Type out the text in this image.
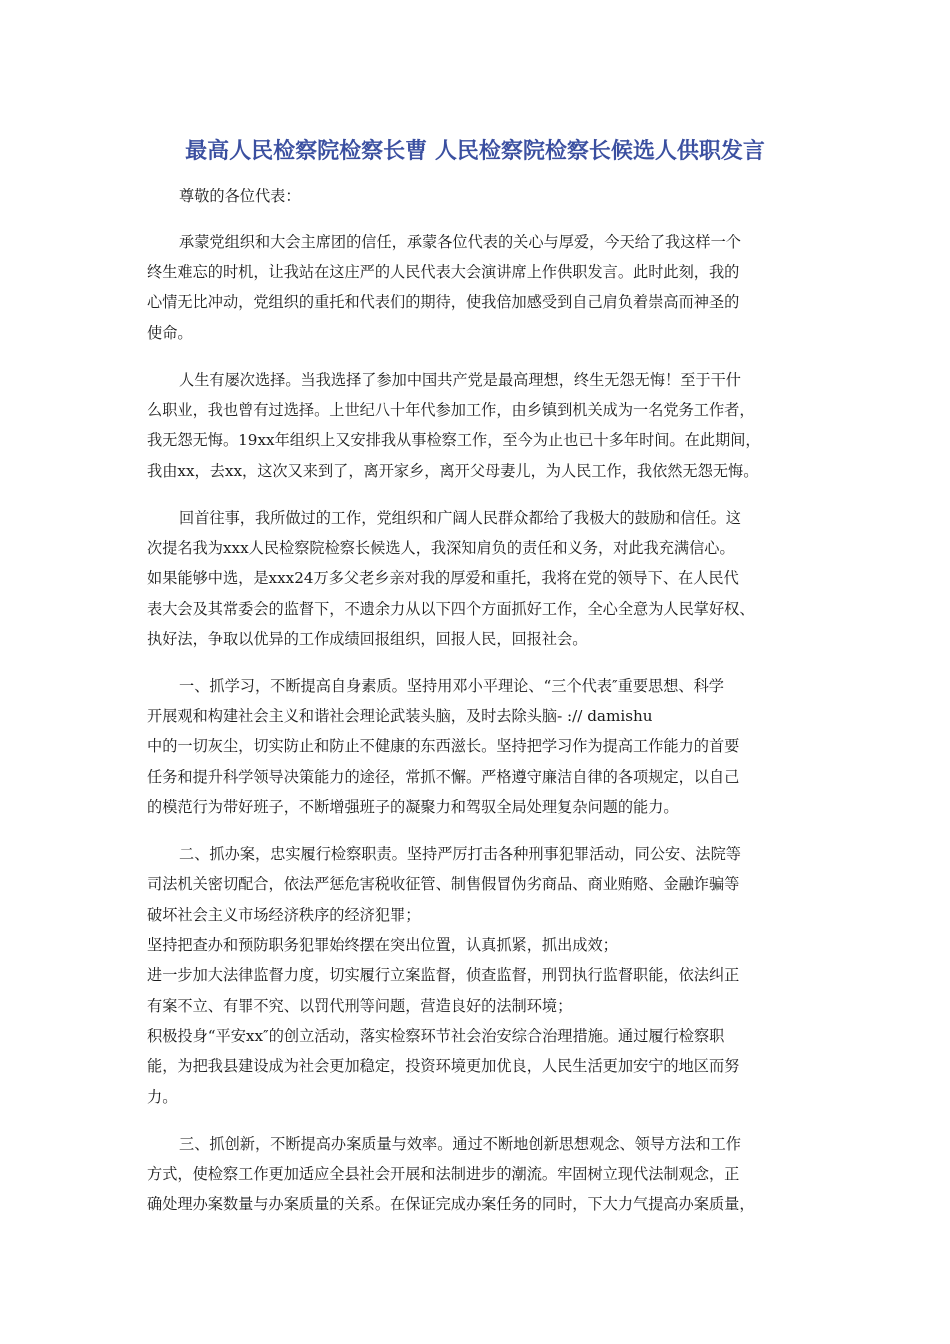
最高人民检察院检察长曹 人民检察院检察长候选人供职发言
尊敬的各位代表：
承蒙党组织和大会主席团的信任，承蒙各位代表的关心与厚爱，今天给了我这样一个
终生难忘的时机，让我站在这庄严的人民代表大会演讲席上作供职发言。此时此刻，我的
心情无比冲动，党组织的重托和代表们的期待，使我倍加感受到自己肩负着崇高而神圣的
使命。
人生有屡次选择。当我选择了参加中国共产党是最高理想，终生无怨无悔！至于干什
么职业，我也曾有过选择。上世纪八十年代参加工作，由乡镇到机关成为一名党务工作者，
我无怨无悔。19xx年组织上又安排我从事检察工作，至今为止也已十多年时间。在此期间，
我由xx，去xx，这次又来到了，离开家乡，离开父母妻儿，为人民工作，我依然无怨无悔。
回首往事，我所做过的工作，党组织和广阔人民群众都给了我极大的鼓励和信任。这
次提名我为xxx人民检察院检察长候选人，我深知肩负的责任和义务，对此我充满信心。
如果能够中选，是xxx24万多父老乡亲对我的厚爱和重托，我将在党的领导下、在人民代
表大会及其常委会的监督下，不遗余力从以下四个方面抓好工作，全心全意为人民掌好权、
执好法，争取以优异的工作成绩回报组织，回报人民，回报社会。
一、抓学习，不断提高自身素质。坚持用邓小平理论、“三个代表″重要思想、科学
开展观和构建社会主义和谐社会理论武装头脑，及时去除头脑- :// damishu
中的一切灰尘，切实防止和防止不健康的东西滋长。坚持把学习作为提高工作能力的首要
任务和提升科学领导决策能力的途径，常抓不懈。严格遵守廉洁自律的各项规定，以自己
的模范行为带好班子，不断增强班子的凝聚力和驾驭全局处理复杂问题的能力。
二、抓办案，忠实履行检察职责。坚持严厉打击各种刑事犯罪活动，同公安、法院等
司法机关密切配合，依法严惩危害税收征管、制售假冒伪劣商品、商业贿赂、金融诈骗等
破坏社会主义市场经济秩序的经济犯罪；
坚持把查办和预防职务犯罪始终摆在突出位置，认真抓紧，抓出成效；
进一步加大法律监督力度，切实履行立案监督，侦查监督，刑罚执行监督职能，依法纠正
有案不立、有罪不究、以罚代刑等问题，营造良好的法制环境；
积极投身“平安xx″的创立活动，落实检察环节社会治安综合治理措施。通过履行检察职
能，为把我县建设成为社会更加稳定，投资环境更加优良，人民生活更加安宁的地区而努
力。
三、抓创新，不断提高办案质量与效率。通过不断地创新思想观念、领导方法和工作
方式，使检察工作更加适应全县社会开展和法制进步的潮流。牢固树立现代法制观念，正
确处理办案数量与办案质量的关系。在保证完成办案任务的同时，下大力气提高办案质量，
